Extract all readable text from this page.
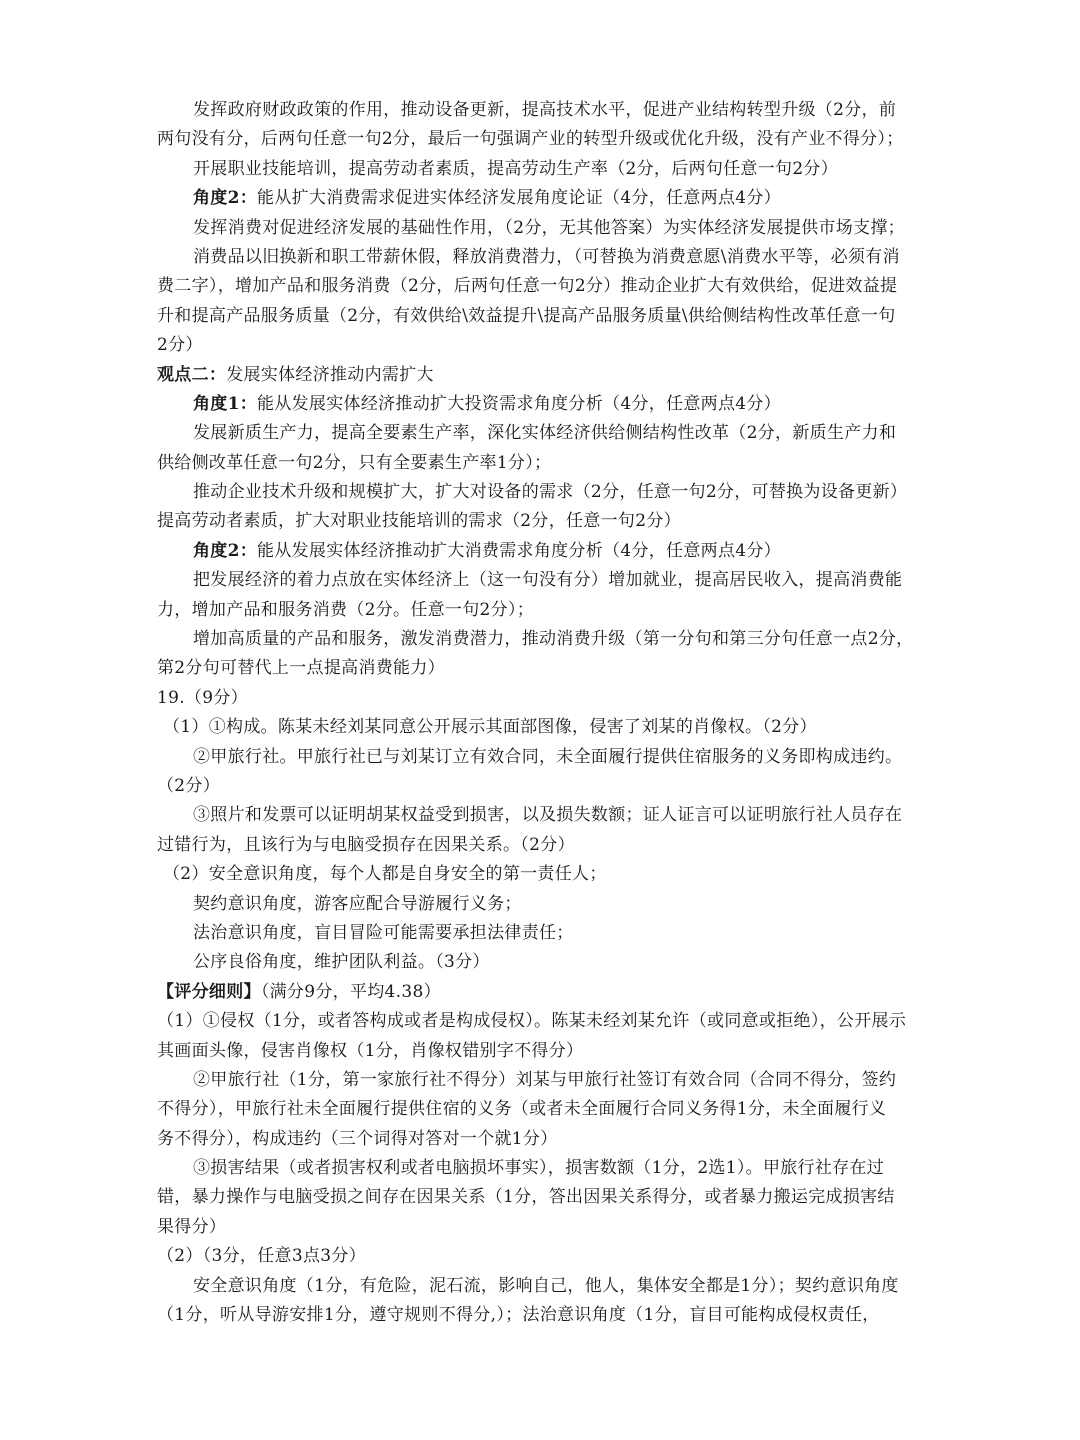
发挥政府财政政策的作用，推动设备更新，提高技术水平，促进产业结构转型升级（2分，前
两句没有分，后两句任意一句2分，最后一句强调产业的转型升级或优化升级，没有产业不得分）；
开展职业技能培训，提高劳动者素质，提高劳动生产率（2分，后两句任意一句2分）
角度2：能从扩大消费需求促进实体经济发展角度论证（4分，任意两点4分）
发挥消费对促进经济发展的基础性作用，（2分，无其他答案）为实体经济发展提供市场支撑；
消费品以旧换新和职工带薪休假，释放消费潜力，（可替换为消费意愿\消费水平等，必须有消
费二字），增加产品和服务消费（2分，后两句任意一句2分）推动企业扩大有效供给，促进效益提
升和提高产品服务质量（2分，有效供给\效益提升\提高产品服务质量\供给侧结构性改革任意一句
2分）
观点二：发展实体经济推动内需扩大
角度1：能从发展实体经济推动扩大投资需求角度分析（4分，任意两点4分）
发展新质生产力，提高全要素生产率，深化实体经济供给侧结构性改革（2分，新质生产力和
供给侧改革任意一句2分，只有全要素生产率1分）；
推动企业技术升级和规模扩大，扩大对设备的需求（2分，任意一句2分，可替换为设备更新）
提高劳动者素质，扩大对职业技能培训的需求（2分，任意一句2分）
角度2：能从发展实体经济推动扩大消费需求角度分析（4分，任意两点4分）
把发展经济的着力点放在实体经济上（这一句没有分）增加就业，提高居民收入，提高消费能
力，增加产品和服务消费（2分。任意一句2分）；
增加高质量的产品和服务，激发消费潜力，推动消费升级（第一分句和第三分句任意一点2分，
第2分句可替代上一点提高消费能力）
19.（9分）
（1）①构成。陈某未经刘某同意公开展示其面部图像，侵害了刘某的肖像权。（2分）
②甲旅行社。甲旅行社已与刘某订立有效合同，未全面履行提供住宿服务的义务即构成违约。
（2分）
③照片和发票可以证明胡某权益受到损害，以及损失数额；证人证言可以证明旅行社人员存在
过错行为，且该行为与电脑受损存在因果关系。（2分）
（2）安全意识角度，每个人都是自身安全的第一责任人；
契约意识角度，游客应配合导游履行义务；
法治意识角度，盲目冒险可能需要承担法律责任；
公序良俗角度，维护团队利益。（3分）
【评分细则】（满分9分，平均4.38）
（1）①侵权（1分，或者答构成或者是构成侵权）。陈某未经刘某允许（或同意或拒绝），公开展示
其画面头像，侵害肖像权（1分，肖像权错别字不得分）
②甲旅行社（1分，第一家旅行社不得分）刘某与甲旅行社签订有效合同（合同不得分，签约
不得分），甲旅行社未全面履行提供住宿的义务（或者未全面履行合同义务得1分，未全面履行义
务不得分），构成违约（三个词得对答对一个就1分）
③损害结果（或者损害权利或者电脑损坏事实），损害数额（1分，2选1）。甲旅行社存在过
错，暴力操作与电脑受损之间存在因果关系（1分，答出因果关系得分，或者暴力搬运完成损害结
果得分）
（2）（3分，任意3点3分）
安全意识角度（1分，有危险，泥石流，影响自己，他人，集体安全都是1分）；契约意识角度
（1分，听从导游安排1分，遵守规则不得分,）；法治意识角度（1分，盲目可能构成侵权责任，
